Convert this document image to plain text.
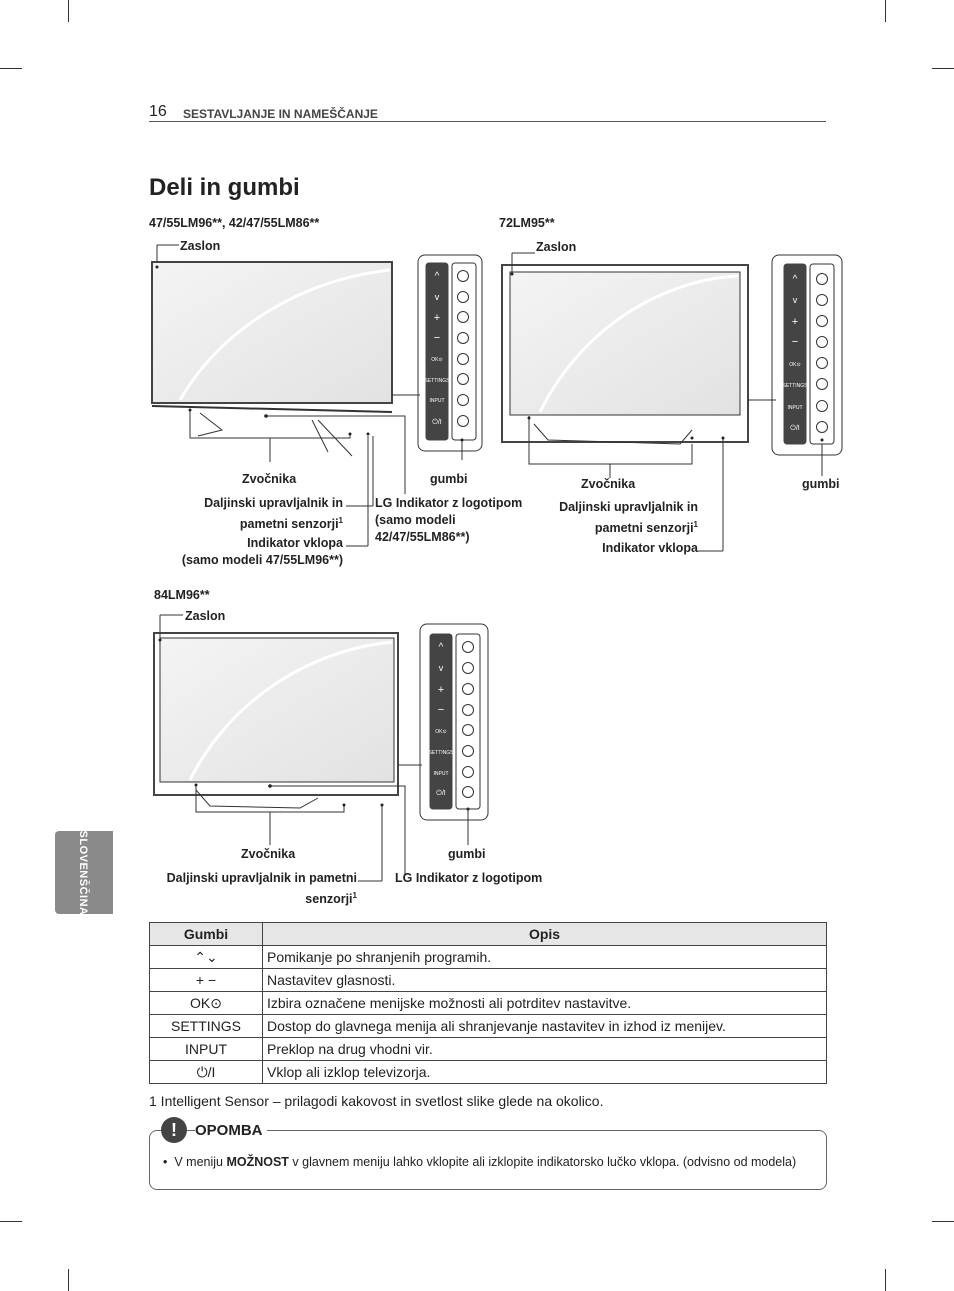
16 SESTAVLJANJE IN NAMEŠČANJE
Deli in gumbi
SLOVENŠČINA
^
v
+
−
OK⊙
SETTINGS
INPUT
⏻/I
^
v
+
−
OK⊙
SETTINGS
INPUT
⏻/I
^
v
+
−
OK⊙
SETTINGS
INPUT
⏻/I
47/55LM96**, 42/47/55LM86**
Zaslon
Zvočnika	gumbi
Daljinski upravljalnik in
pametni senzorji$^1$
Indikator vklopa
(samo modeli 47/55LM96**)
LG Indikator z logotipom
(samo modeli
42/47/55LM86**)
72LM95**
Zaslon
Zvočnika	gumbi
Daljinski upravljalnik in
pametni senzorji$^1$
Indikator vklopa
84LM96**
Zaslon
Zvočnika	gumbi
Daljinski upravljalnik in pametni
senzorji$^1$
LG Indikator z logotipom
Gumbi	Opis
⌃⌄	Pomikanje po shranjenih programih.
+ −	Nastavitev glasnosti.
OK⊙	Izbira označene menijske možnosti ali potrditev nastavitve.
SETTINGS	Dostop do glavnega menija ali shranjevanje nastavitev in izhod iz menijev.
INPUT	Preklop na drug vhodni vir.
⏻/I	Vklop ali izklop televizorja.
1 Intelligent Sensor – prilagodi kakovost in svetlost slike glede na okolico.
!	OPOMBA
• V meniju MOŽNOST v glavnem meniju lahko vklopite ali izklopite indikatorsko lučko vklopa. (odvisno od modela)
